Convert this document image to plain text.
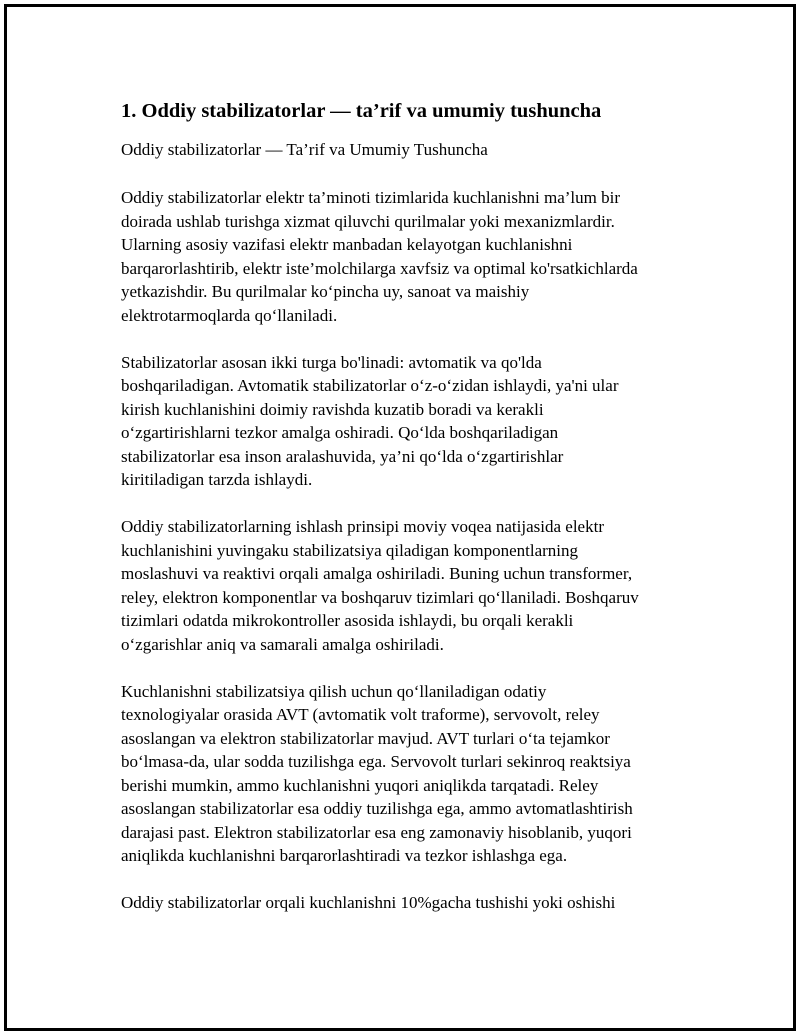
1. Oddiy stabilizatorlar — ta’rif va umumiy tushuncha
Oddiy stabilizatorlar — Ta’rif va Umumiy Tushuncha
Oddiy stabilizatorlar elektr ta’minoti tizimlarida kuchlanishni ma’lum bir
doirada ushlab turishga xizmat qiluvchi qurilmalar yoki mexanizmlardir.
Ularning asosiy vazifasi elektr manbadan kelayotgan kuchlanishni
barqarorlashtirib, elektr iste’molchilarga xavfsiz va optimal ko'rsatkichlarda
yetkazishdir. Bu qurilmalar ko‘pincha uy, sanoat va maishiy
elektrotarmoqlarda qo‘llaniladi.
Stabilizatorlar asosan ikki turga bo'linadi: avtomatik va qo'lda
boshqariladigan. Avtomatik stabilizatorlar o‘z-o‘zidan ishlaydi, ya'ni ular
kirish kuchlanishini doimiy ravishda kuzatib boradi va kerakli
o‘zgartirishlarni tezkor amalga oshiradi. Qo‘lda boshqariladigan
stabilizatorlar esa inson aralashuvida, ya’ni qo‘lda o‘zgartirishlar
kiritiladigan tarzda ishlaydi.
Oddiy stabilizatorlarning ishlash prinsipi moviy voqea natijasida elektr
kuchlanishini yuvingaku stabilizatsiya qiladigan komponentlarning
moslashuvi va reaktivi orqali amalga oshiriladi. Buning uchun transformer,
reley, elektron komponentlar va boshqaruv tizimlari qo‘llaniladi. Boshqaruv
tizimlari odatda mikrokontroller asosida ishlaydi, bu orqali kerakli
o‘zgarishlar aniq va samarali amalga oshiriladi.
Kuchlanishni stabilizatsiya qilish uchun qo‘llaniladigan odatiy
texnologiyalar orasida AVT (avtomatik volt traforme), servovolt, reley
asoslangan va elektron stabilizatorlar mavjud. AVT turlari o‘ta tejamkor
bo‘lmasa-da, ular sodda tuzilishga ega. Servovolt turlari sekinroq reaktsiya
berishi mumkin, ammo kuchlanishni yuqori aniqlikda tarqatadi. Releу
asoslangan stabilizatorlar esa oddiy tuzilishga ega, ammo avtomatlashtirish
darajasi past. Elektron stabilizatorlar esa eng zamonaviy hisoblanib, yuqori
aniqlikda kuchlanishni barqarorlashtiradi va tezkor ishlashga ega.
Oddiy stabilizatorlar orqali kuchlanishni 10%gacha tushishi yoki oshishi
